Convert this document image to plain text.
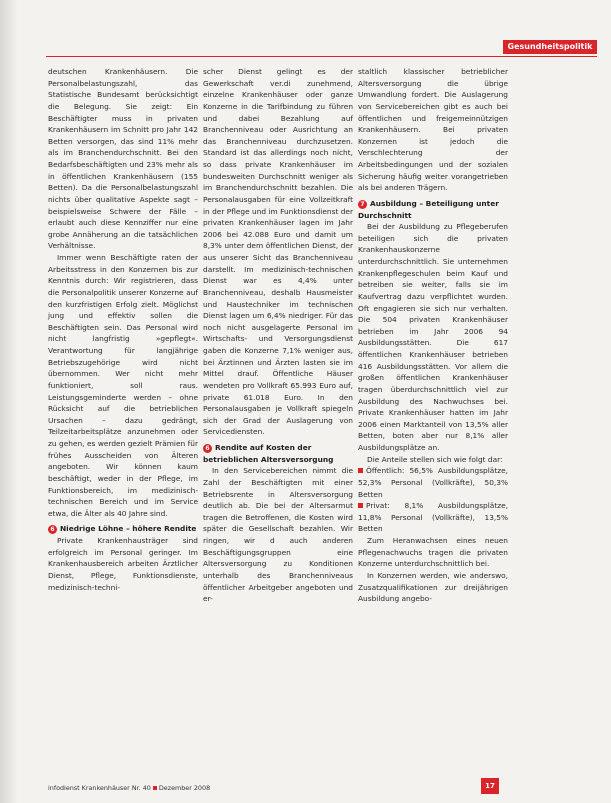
Gesundheitspolitik

deutschen Krankenhäusern. Die Personalbelastungszahl, das Statistische Bundesamt berücksichtigt die Belegung. Sie zeigt: Ein Beschäftigter muss in privaten Krankenhäusern im Schnitt pro Jahr 142 Betten versorgen, das sind 11% mehr als im Branchendurchschnitt. Bei den Bedarfsbeschäftigten und 23% mehr als in öffentlichen Krankenhäusern (155 Betten). Da die Personalbelastungszahl nichts über qualitative Aspekte sagt – beispielsweise Schwere der Fälle – erlaubt auch diese Kennziffer nur eine grobe Annäherung an die tatsächlichen Verhältnisse.

Immer wenn Beschäftigte raten der Arbeitsstress in den Konzernen bis zur Kenntnis durch: Wir registrieren, dass die Personalpolitik unserer Konzerne auf den kurzfristigen Erfolg zielt. Möglichst jung und effektiv sollen die Beschäftigten sein. Das Personal wird nicht langfristig »gepflegt«. Verantwortung für langjährige Betriebszugehörige wird nicht übernommen. Wer nicht mehr funktioniert, soll raus. Leistungsgeminderte werden – ohne Rücksicht auf die betrieblichen Ursachen – dazu gedrängt, Teilzeitarbeitsplätze anzunehmen oder zu gehen, es werden gezielt Prämien für frühes Ausscheiden von Älteren angeboten. Wir können kaum beschäftigt, weder in der Pflege, im Funktionsbereich, im medizinisch-technischen Bereich und im Service etwa, die Älter als 40 Jahre sind.

6 Niedrige Löhne – höhere Rendite

Private Krankenhausträger sind erfolgreich im Personal geringer. Im Krankenhausbereich arbeiten Ärztlicher Dienst, Pflege, Funktionsdienste, medizinisch-techni-

scher Dienst gelingt es der Gewerkschaft ver.di zunehmend, einzelne Krankenhäuser oder ganze Konzerne in die Tarifbindung zu führen und dabei Bezahlung auf Branchenniveau oder Ausrichtung an das Branchenniveau durchzusetzen. Standard ist das allerdings noch nicht, so dass private Krankenhäuser im bundesweiten Durchschnitt weniger als im Branchendurchschnitt bezahlen. Die Personalausgaben für eine Vollzeitkraft in der Pflege und im Funktionsdienst der privaten Krankenhäuser lagen im Jahr 2006 bei 42.088 Euro und damit um 8,3% unter dem öffentlichen Dienst, der aus unserer Sicht das Branchenniveau darstellt. Im medizinisch-technischen Dienst war es 4,4% unter Branchenniveau, deshalb Hausmeister und Haustechniker im technischen Dienst lagen um 6,4% niedriger. Für das noch nicht ausgelagerte Personal im Wirtschafts- und Versorgungsdienst gaben die Konzerne 7,1% weniger aus, bei Ärztinnen und Ärzten lasten sie im Mittel drauf. Öffentliche Häuser wendeten pro Vollkraft 65.993 Euro auf, private 61.018 Euro. In den Personalausgaben je Vollkraft spiegeln sich der Grad der Auslagerung von Servicediensten.

6 Rendite auf Kosten der betrieblichen Altersversorgung

In den Servicebereichen nimmt die Zahl der Beschäftigten mit einer Betriebsrente in Altersversorgung deutlich ab. Die bei der Altersarmut tragen die Betroffenen, die Kosten wird später die Gesellschaft bezahlen. Wir ringen, wir d auch anderen Beschäftigungsgruppen eine Altersversorgung zu Konditionen unterhalb des Branchenniveaus öffentlicher Arbeitgeber angeboten und er-

staltlich klassischer betrieblicher Altersversorgung die übrige Umwandlung fordert. Die Auslagerung von Servicebereichen gibt es auch bei öffentlichen und freigemeinnützigen Krankenhäusern. Bei privaten Konzernen ist jedoch die Verschlechterung der Arbeitsbedingungen und der sozialen Sicherung häufig weiter vorangetrieben als bei anderen Trägern.

7 Ausbildung – Beteiligung unter Durchschnitt

Bei der Ausbildung zu Pflegeberufen beteiligen sich die privaten Krankenhauskonzerne unterdurchschnittlich. Sie unternehmen Krankenpflegeschulen beim Kauf und betreiben sie weiter, falls sie im Kaufvertrag dazu verpflichtet wurden. Oft engagieren sie sich nur verhalten. Die 504 privaten Krankenhäuser betrieben im Jahr 2006 94 Ausbildungsstätten. Die 617 öffentlichen Krankenhäuser betrieben 416 Ausbildungsstätten. Vor allem die großen öffentlichen Krankenhäuser tragen überdurchschnittlich viel zur Ausbildung des Nachwuchses bei. Private Krankenhäuser hatten im Jahr 2006 einen Marktanteil von 13,5% aller Betten, boten aber nur 8,1% aller Ausbildungsplätze an.

Die Anteile stellen sich wie folgt dar:

Öffentlich: 56,5% Ausbildungsplätze, 52,3% Personal (Vollkräfte), 50,3% Betten

Privat: 8,1% Ausbildungsplätze, 11,8% Personal (Vollkräfte), 13,5% Betten

Zum Heranwachsen eines neuen Pflegenachwuchs tragen die privaten Konzerne unterdurchschnittlich bei.

In Konzernen werden, wie anderswo, Zusatzqualifikationen zur dreijährigen Ausbildung angebo-

infodienst Krankenhäuser Nr. 40 Dezember 2008	17
